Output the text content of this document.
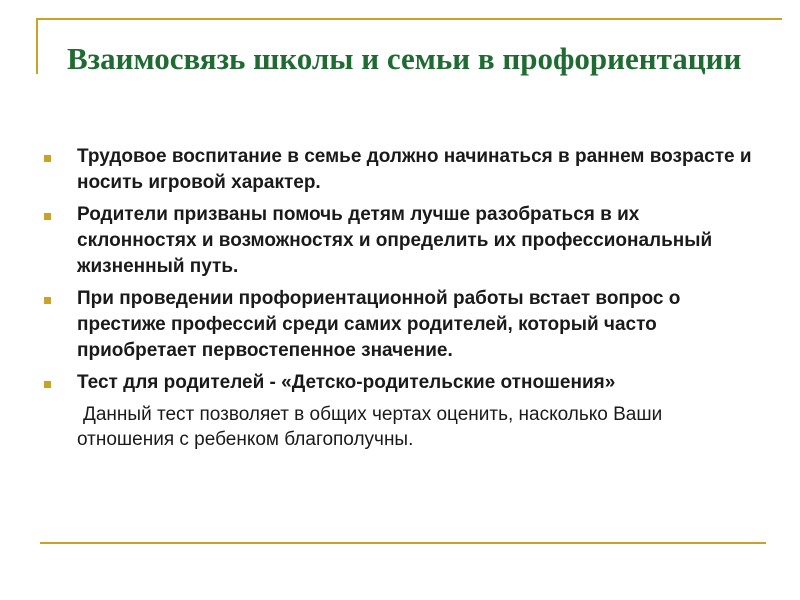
Взаимосвязь школы и семьи в профориентации
Трудовое воспитание в семье должно начинаться в раннем возрасте и носить игровой характер.
Родители призваны помочь детям лучше разобраться в их склонностях и возможностях и определить их профессиональный жизненный путь.
При проведении профориентационной работы встает вопрос о престиже профессий среди самих родителей, который часто приобретает первостепенное значение.
Тест для родителей - «Детско-родительские отношения»

Данный тест позволяет в общих чертах оценить, насколько Ваши отношения с ребенком благополучны.
